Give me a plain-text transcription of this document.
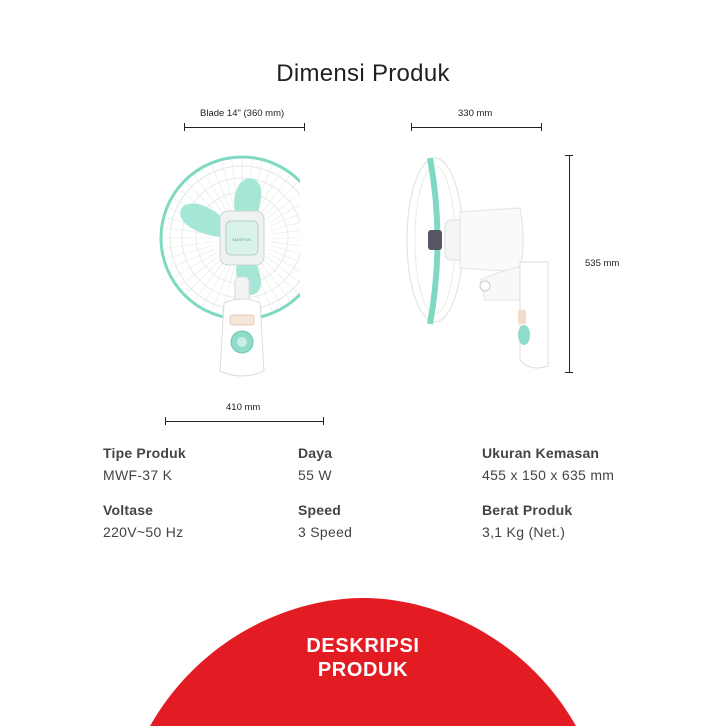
Dimensi Produk
Blade 14" (360 mm)
410 mm
330 mm
535 mm
MASPION
Tipe Produk
MWF-37 K
Daya
55 W
Ukuran Kemasan
455 x 150 x 635 mm
Voltase
220V~50 Hz
Speed
3 Speed
Berat Produk
3,1 Kg (Net.)
DESKRIPSI
PRODUK
